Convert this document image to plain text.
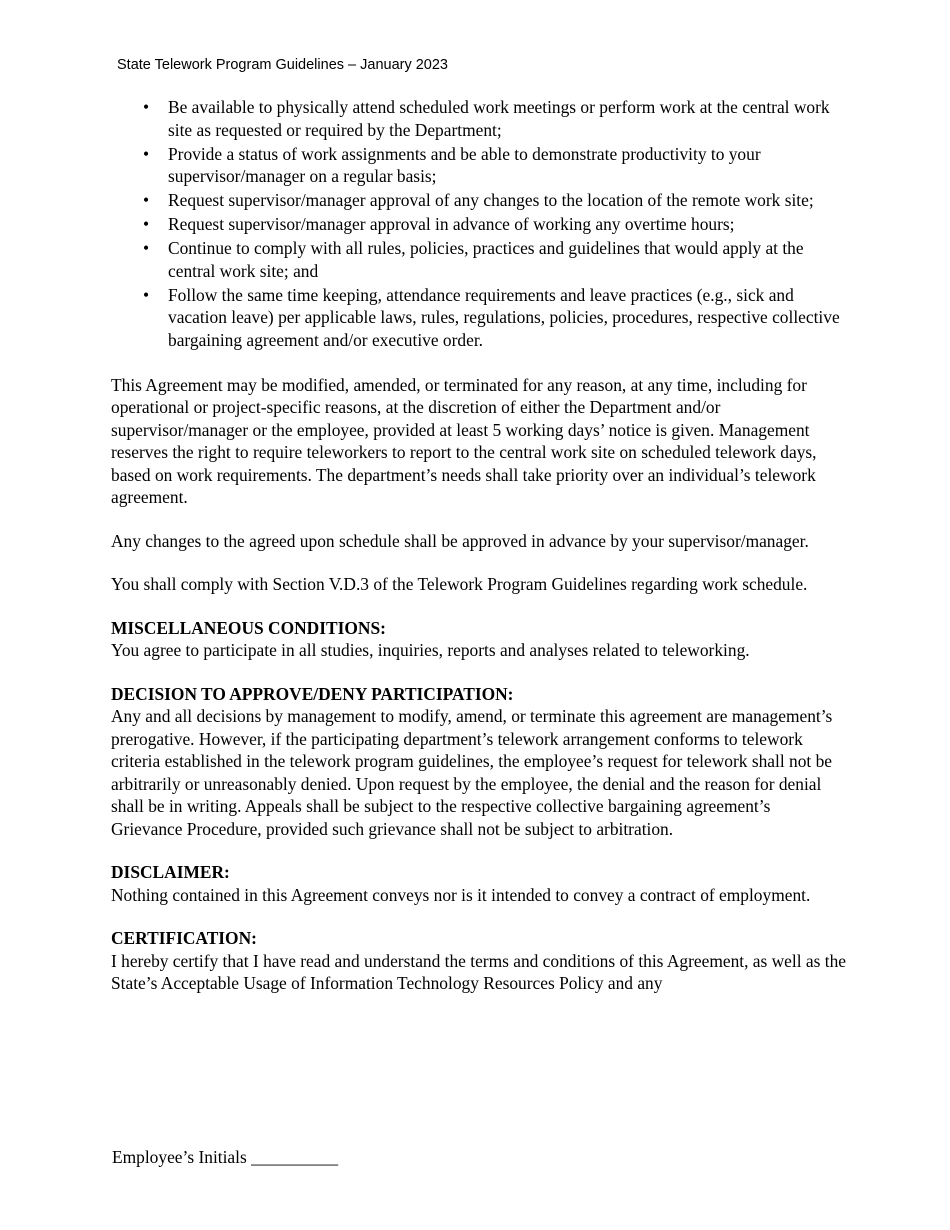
State Telework Program Guidelines – January 2023
• Be available to physically attend scheduled work meetings or perform work at the central work site as requested or required by the Department;
• Provide a status of work assignments and be able to demonstrate productivity to your supervisor/manager on a regular basis;
• Request supervisor/manager approval of any changes to the location of the remote work site;
• Request supervisor/manager approval in advance of working any overtime hours;
• Continue to comply with all rules, policies, practices and guidelines that would apply at the central work site; and
• Follow the same time keeping, attendance requirements and leave practices (e.g., sick and vacation leave) per applicable laws, rules, regulations, policies, procedures, respective collective bargaining agreement and/or executive order.

This Agreement may be modified, amended, or terminated for any reason, at any time, including for operational or project-specific reasons, at the discretion of either the Department and/or supervisor/manager or the employee, provided at least 5 working days’ notice is given. Management reserves the right to require teleworkers to report to the central work site on scheduled telework days, based on work requirements. The department’s needs shall take priority over an individual’s telework agreement.

Any changes to the agreed upon schedule shall be approved in advance by your supervisor/manager.

You shall comply with Section V.D.3 of the Telework Program Guidelines regarding work schedule.

MISCELLANEOUS CONDITIONS:

You agree to participate in all studies, inquiries, reports and analyses related to teleworking.

DECISION TO APPROVE/DENY PARTICIPATION:

Any and all decisions by management to modify, amend, or terminate this agreement are management’s prerogative. However, if the participating department’s telework arrangement conforms to telework criteria established in the telework program guidelines, the employee’s request for telework shall not be arbitrarily or unreasonably denied. Upon request by the employee, the denial and the reason for denial shall be in writing. Appeals shall be subject to the respective collective bargaining agreement’s Grievance Procedure, provided such grievance shall not be subject to arbitration.

DISCLAIMER:

Nothing contained in this Agreement conveys nor is it intended to convey a contract of employment.

CERTIFICATION:

I hereby certify that I have read and understand the terms and conditions of this Agreement, as well as the State’s Acceptable Usage of Information Technology Resources Policy and any

Employee’s Initials __________
